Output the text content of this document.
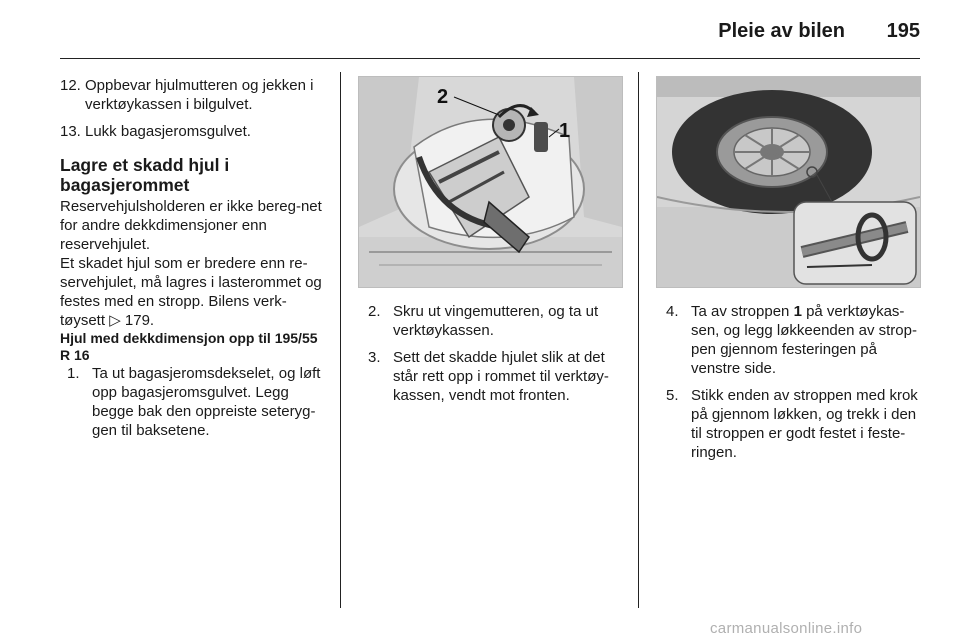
Pleie av bilen 195
12. Oppbevar hjulmutteren og jekken i verktøykassen i bilgulvet.
13. Lukk bagasjeromsgulvet.
Lagre et skadd hjul i bagasjerommet

Reservehjulsholderen er ikke bereg-net for andre dekkdimensjoner enn reservehjulet.

Et skadet hjul som er bredere enn re-servehjulet, må lagres i lasterommet og festes med en stropp. Bilens verk-tøysett ▷ 179.

Hjul med dekkdimensjon opp til 195/55 R 16
1. Ta ut bagasjeromsdekselet, og løft opp bagasjeromsgulvet. Legg begge bak den oppreiste seteryg-gen til baksetene.
2
1
2. Skru ut vingemutteren, og ta ut verktøykassen.
3. Sett det skadde hjulet slik at det står rett opp i rommet til verktøy-kassen, vendt mot fronten.
4. Ta av stroppen 1 på verktøykas-sen, og legg løkkeenden av strop-pen gjennom festeringen på venstre side.
5. Stikk enden av stroppen med krok på gjennom løkken, og trekk i den til stroppen er godt festet i feste-ringen.
carmanualsonline.info
